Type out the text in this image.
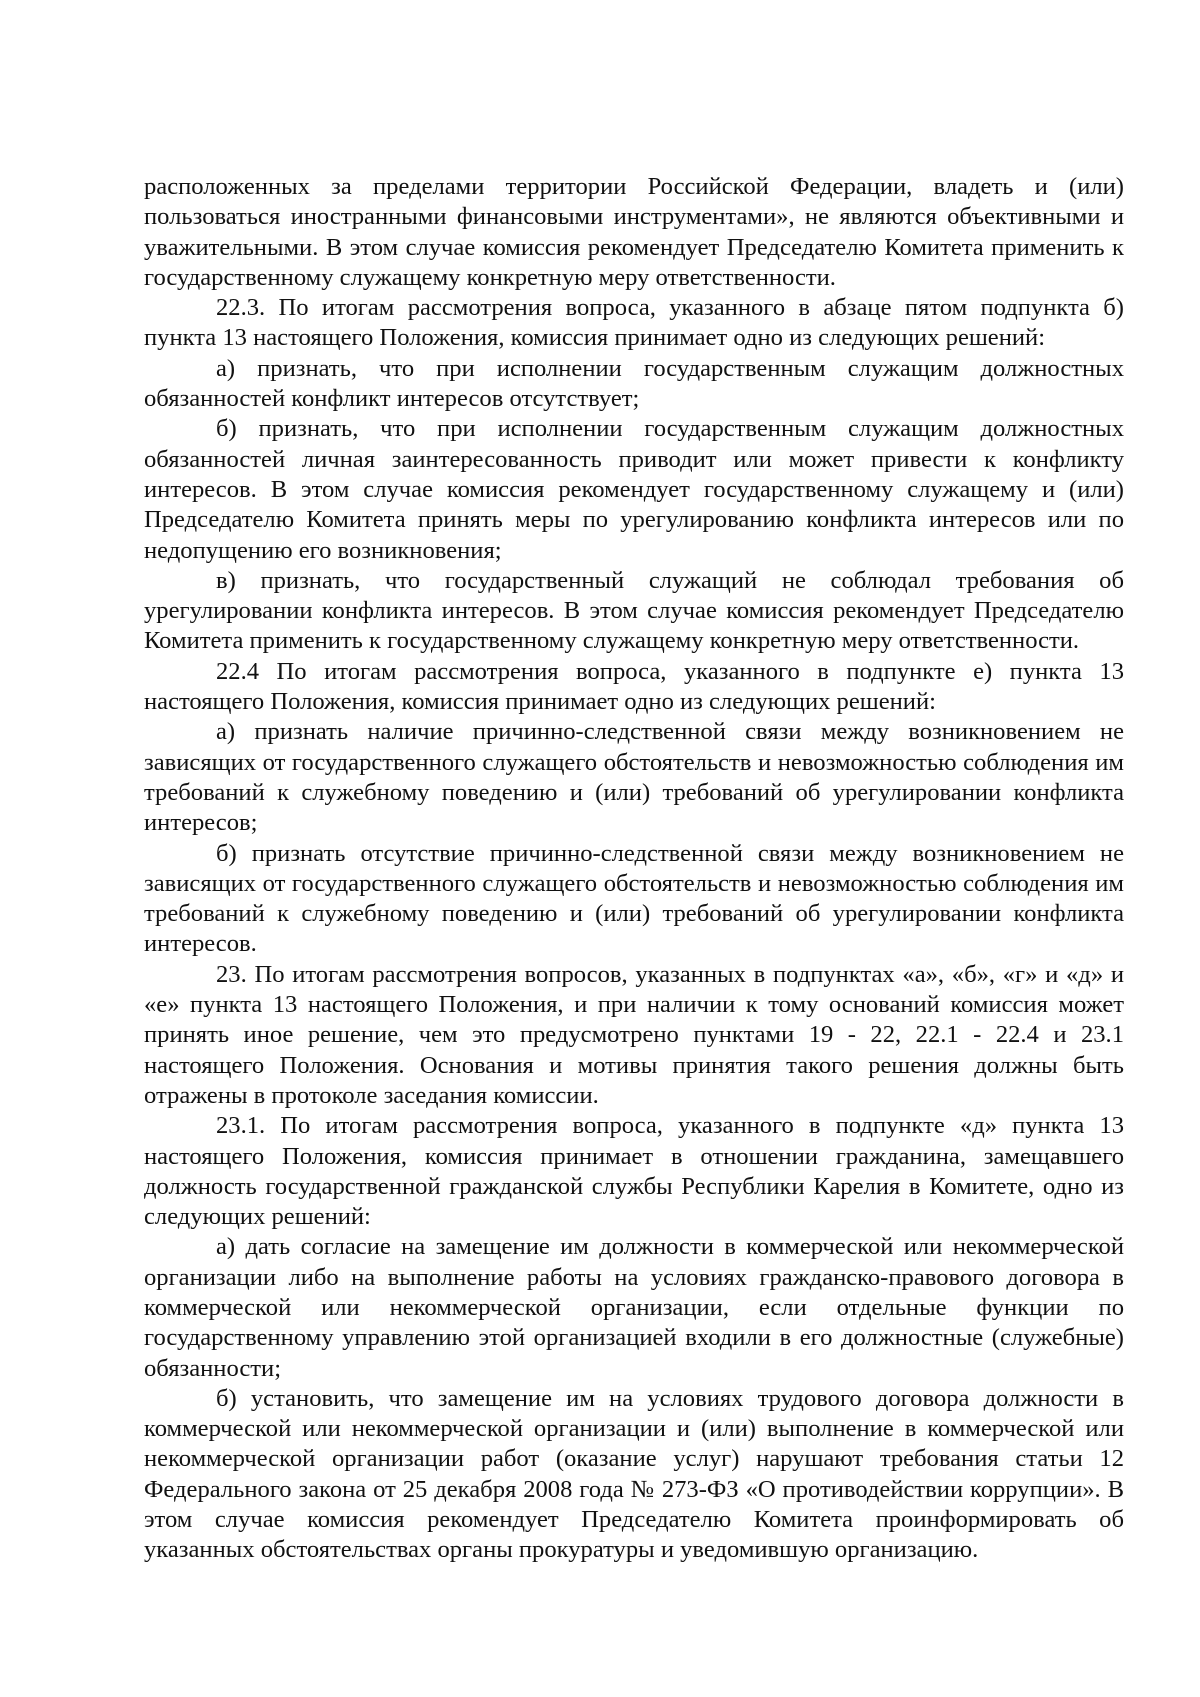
расположенных за пределами территории Российской Федерации, владеть и (или) пользоваться иностранными финансовыми инструментами», не являются объективными и уважительными. В этом случае комиссия рекомендует Председателю Комитета применить к государственному служащему конкретную меру ответственности.

22.3. По итогам рассмотрения вопроса, указанного в абзаце пятом подпункта б) пункта 13 настоящего Положения, комиссия принимает одно из следующих решений:

а) признать, что при исполнении государственным служащим должностных обязанностей конфликт интересов отсутствует;

б) признать, что при исполнении государственным служащим должностных обязанностей личная заинтересованность приводит или может привести к конфликту интересов. В этом случае комиссия рекомендует государственному служащему и (или) Председателю Комитета принять меры по урегулированию конфликта интересов или по недопущению его возникновения;

в) признать, что государственный служащий не соблюдал требования об урегулировании конфликта интересов. В этом случае комиссия рекомендует Председателю Комитета применить к государственному служащему конкретную меру ответственности.

22.4 По итогам рассмотрения вопроса, указанного в подпункте е) пункта 13 настоящего Положения, комиссия принимает одно из следующих решений:

а) признать наличие причинно-следственной связи между возникновением не зависящих от государственного служащего обстоятельств и невозможностью соблюдения им требований к служебному поведению и (или) требований об урегулировании конфликта интересов;

б) признать отсутствие причинно-следственной связи между возникновением не зависящих от государственного служащего обстоятельств и невозможностью соблюдения им требований к служебному поведению и (или) требований об урегулировании конфликта интересов.

23. По итогам рассмотрения вопросов, указанных в подпунктах «а», «б», «г» и «д» и «е» пункта 13 настоящего Положения, и при наличии к тому оснований комиссия может принять иное решение, чем это предусмотрено пунктами 19 - 22, 22.1 - 22.4 и 23.1 настоящего Положения. Основания и мотивы принятия такого решения должны быть отражены в протоколе заседания комиссии.

23.1. По итогам рассмотрения вопроса, указанного в подпункте «д» пункта 13 настоящего Положения, комиссия принимает в отношении гражданина, замещавшего должность государственной гражданской службы Республики Карелия в Комитете, одно из следующих решений:

а) дать согласие на замещение им должности в коммерческой или некоммерческой организации либо на выполнение работы на условиях гражданско-правового договора в коммерческой или некоммерческой организации, если отдельные функции по государственному управлению этой организацией входили в его должностные (служебные) обязанности;

б) установить, что замещение им на условиях трудового договора должности в коммерческой или некоммерческой организации и (или) выполнение в коммерческой или некоммерческой организации работ (оказание услуг) нарушают требования статьи 12 Федерального закона от 25 декабря 2008 года № 273-ФЗ «О противодействии коррупции». В этом случае комиссия рекомендует Председателю Комитета проинформировать об указанных обстоятельствах органы прокуратуры и уведомившую организацию.
